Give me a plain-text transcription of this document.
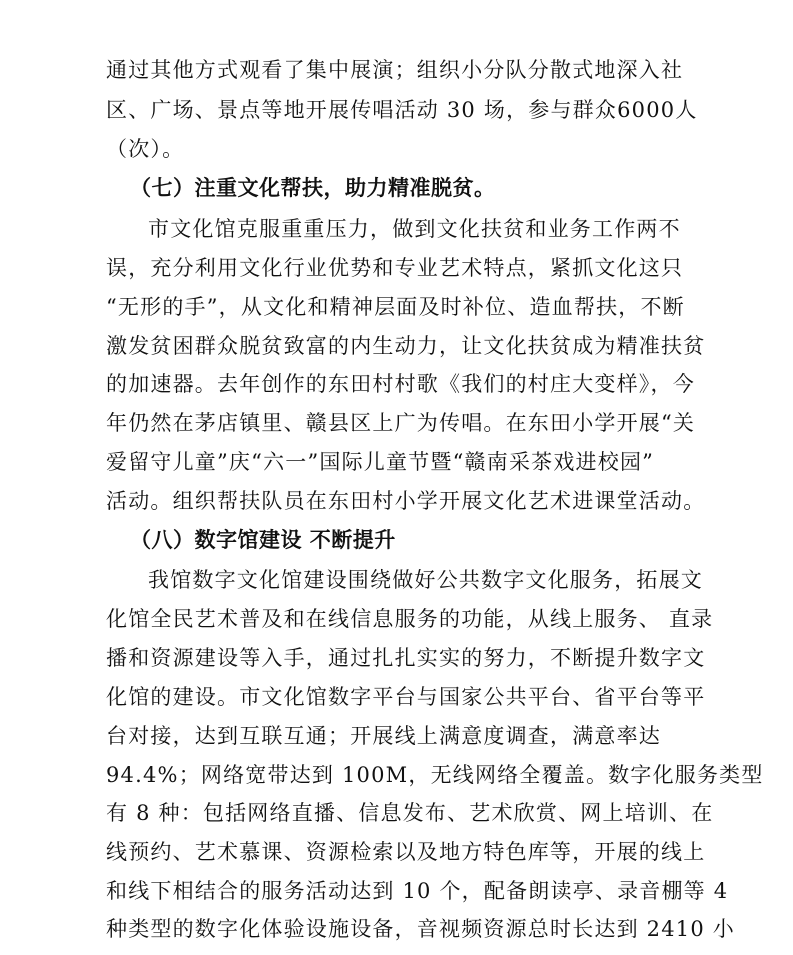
通过其他方式观看了集中展演；组织小分队分散式地深入社
区、广场、景点等地开展传唱活动 30 场，参与群众6000人
（次）。
（七）注重文化帮扶，助力精准脱贫。
市文化馆克服重重压力，做到文化扶贫和业务工作两不
误，充分利用文化行业优势和专业艺术特点，紧抓文化这只
“无形的手”，从文化和精神层面及时补位、造血帮扶，不断
激发贫困群众脱贫致富的内生动力，让文化扶贫成为精准扶贫
的加速器。去年创作的东田村村歌《我们的村庄大变样》，今
年仍然在茅店镇里、赣县区上广为传唱。在东田小学开展“关
爱留守儿童”庆“六一”国际儿童节暨“赣南采茶戏进校园”
活动。组织帮扶队员在东田村小学开展文化艺术进课堂活动。
（八）数字馆建设 不断提升
我馆数字文化馆建设围绕做好公共数字文化服务，拓展文
化馆全民艺术普及和在线信息服务的功能，从线上服务、 直录
播和资源建设等入手，通过扎扎实实的努力，不断提升数字文
化馆的建设。市文化馆数字平台与国家公共平台、省平台等平
台对接，达到互联互通；开展线上满意度调查，满意率达
94.4%；网络宽带达到 100M，无线网络全覆盖。数字化服务类型
有 8 种：包括网络直播、信息发布、艺术欣赏、网上培训、在
线预约、艺术慕课、资源检索以及地方特色库等，开展的线上
和线下相结合的服务活动达到 10 个，配备朗读亭、录音棚等 4
种类型的数字化体验设施设备，音视频资源总时长达到 2410 小
